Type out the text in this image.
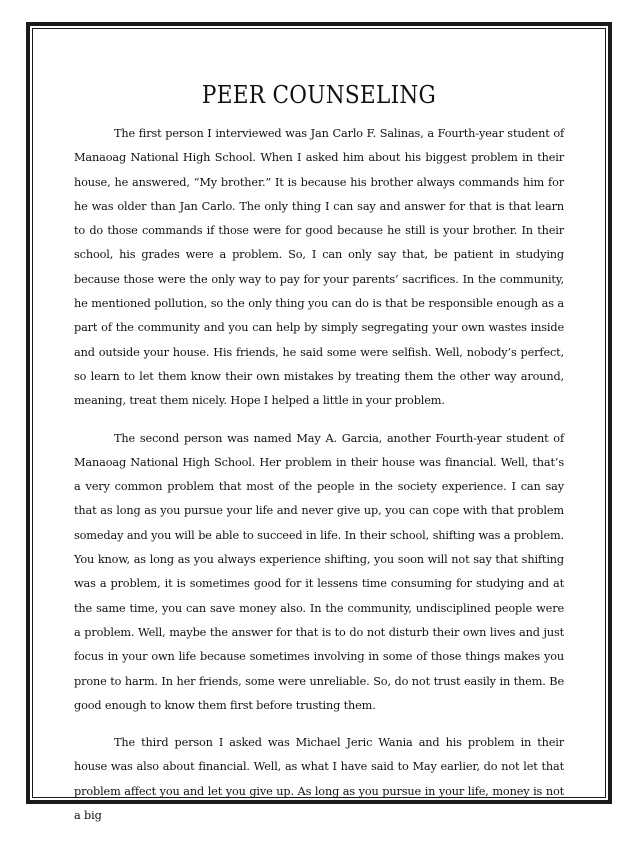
PEER COUNSELING

The first person I interviewed was Jan Carlo F. Salinas, a Fourth-year student of Manaoag National High School. When I asked him about his biggest problem in their house, he answered, “My brother.” It is because his brother always commands him for he was older than Jan Carlo. The only thing I can say and answer for that is that learn to do those commands if those were for good because he still is your brother. In their school, his grades were a problem. So, I can only say that, be patient in studying because those were the only way to pay for your parents’ sacrifices. In the community, he mentioned pollution, so the only thing you can do is that be responsible enough as a part of the community and you can help by simply segregating your own wastes inside and outside your house. His friends, he said some were selfish. Well, nobody’s perfect, so learn to let them know their own mistakes by treating them the other way around, meaning, treat them nicely. Hope I helped a little in your problem.

The second person was named May A. Garcia, another Fourth-year student of Manaoag National High School. Her problem in their house was financial. Well, that’s a very common problem that most of the people in the society experience. I can say that as long as you pursue your life and never give up, you can cope with that problem someday and you will be able to succeed in life. In their school, shifting was a problem. You know, as long as you always experience shifting, you soon will not say that shifting was a problem, it is sometimes good for it lessens time consuming for studying and at the same time, you can save money also. In the community, undisciplined people were a problem. Well, maybe the answer for that is to do not disturb their own lives and just focus in your own life because sometimes involving in some of those things makes you prone to harm. In her friends, some were unreliable. So, do not trust easily in them. Be good enough to know them first before trusting them.

The third person I asked was Michael Jeric Wania and his problem in their house was also about financial. Well, as what I have said to May earlier, do not let that problem affect you and let you give up. As long as you pursue in your life, money is not a big
